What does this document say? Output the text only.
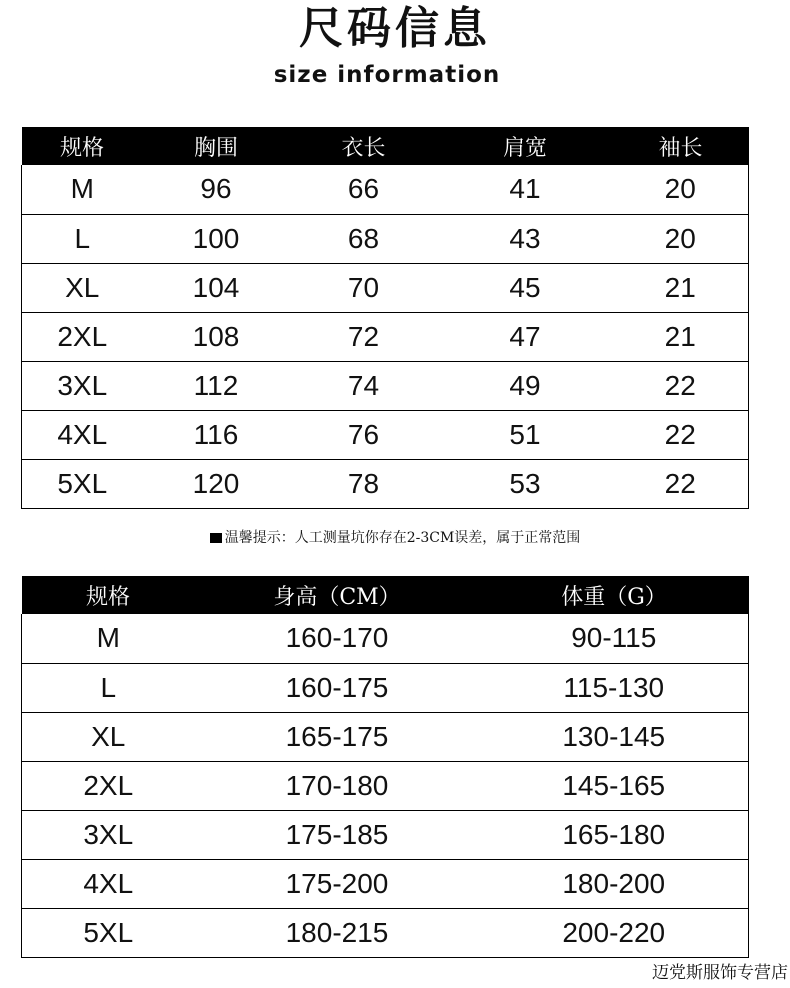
尺码信息
size information
规格	胸围	衣长	肩宽	袖长
M	96	66	41	20
L	100	68	43	20
XL	104	70	45	21
2XL	108	72	47	21
3XL	112	74	49	22
4XL	116	76	51	22
5XL	120	78	53	22
温馨提示：人工测量坑你存在2-3CM误差，属于正常范围
规格	身高（CM）	体重（G）
M	160-170	90-115
L	160-175	115-130
XL	165-175	130-145
2XL	170-180	145-165
3XL	175-185	165-180
4XL	175-200	180-200
5XL	180-215	200-220
迈党斯服饰专营店
